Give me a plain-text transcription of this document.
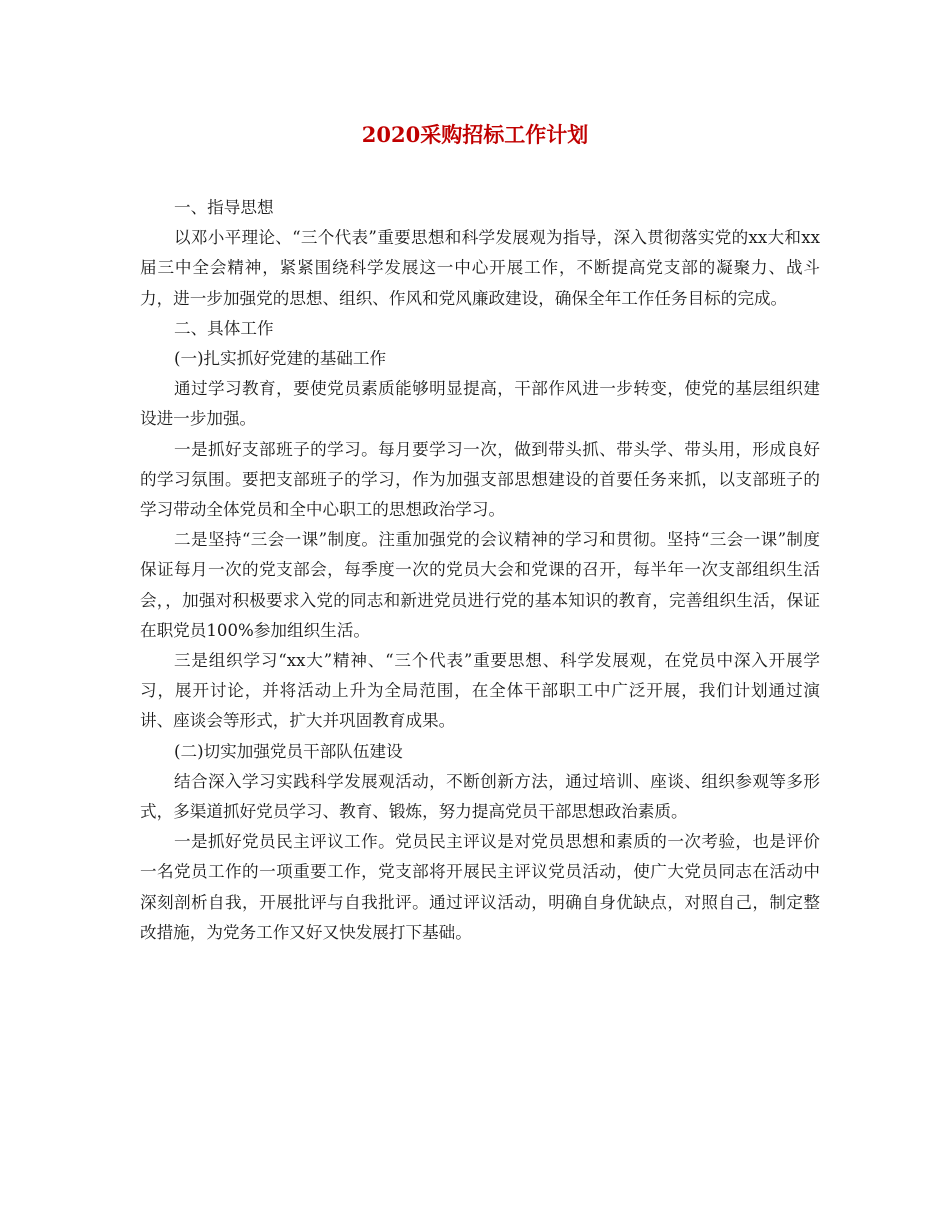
2020采购招标工作计划

一、指导思想

以邓小平理论、“三个代表”重要思想和科学发展观为指导，深入贯彻落实党的xx大和xx届三中全会精神，紧紧围绕科学发展这一中心开展工作，不断提高党支部的凝聚力、战斗力，进一步加强党的思想、组织、作风和党风廉政建设，确保全年工作任务目标的完成。

二、具体工作

(一)扎实抓好党建的基础工作

通过学习教育，要使党员素质能够明显提高，干部作风进一步转变，使党的基层组织建设进一步加强。

一是抓好支部班子的学习。每月要学习一次，做到带头抓、带头学、带头用，形成良好的学习氛围。要把支部班子的学习，作为加强支部思想建设的首要任务来抓，以支部班子的学习带动全体党员和全中心职工的思想政治学习。

二是坚持“三会一课”制度。注重加强党的会议精神的学习和贯彻。坚持“三会一课”制度保证每月一次的党支部会，每季度一次的党员大会和党课的召开，每半年一次支部组织生活会，，加强对积极要求入党的同志和新进党员进行党的基本知识的教育，完善组织生活，保证在职党员100%参加组织生活。

三是组织学习“xx大”精神、“三个代表”重要思想、科学发展观，在党员中深入开展学习，展开讨论，并将活动上升为全局范围，在全体干部职工中广泛开展，我们计划通过演讲、座谈会等形式，扩大并巩固教育成果。

(二)切实加强党员干部队伍建设

结合深入学习实践科学发展观活动，不断创新方法，通过培训、座谈、组织参观等多形式，多渠道抓好党员学习、教育、锻炼，努力提高党员干部思想政治素质。

一是抓好党员民主评议工作。党员民主评议是对党员思想和素质的一次考验，也是评价一名党员工作的一项重要工作，党支部将开展民主评议党员活动，使广大党员同志在活动中深刻剖析自我，开展批评与自我批评。通过评议活动，明确自身优缺点，对照自己，制定整改措施，为党务工作又好又快发展打下基础。
